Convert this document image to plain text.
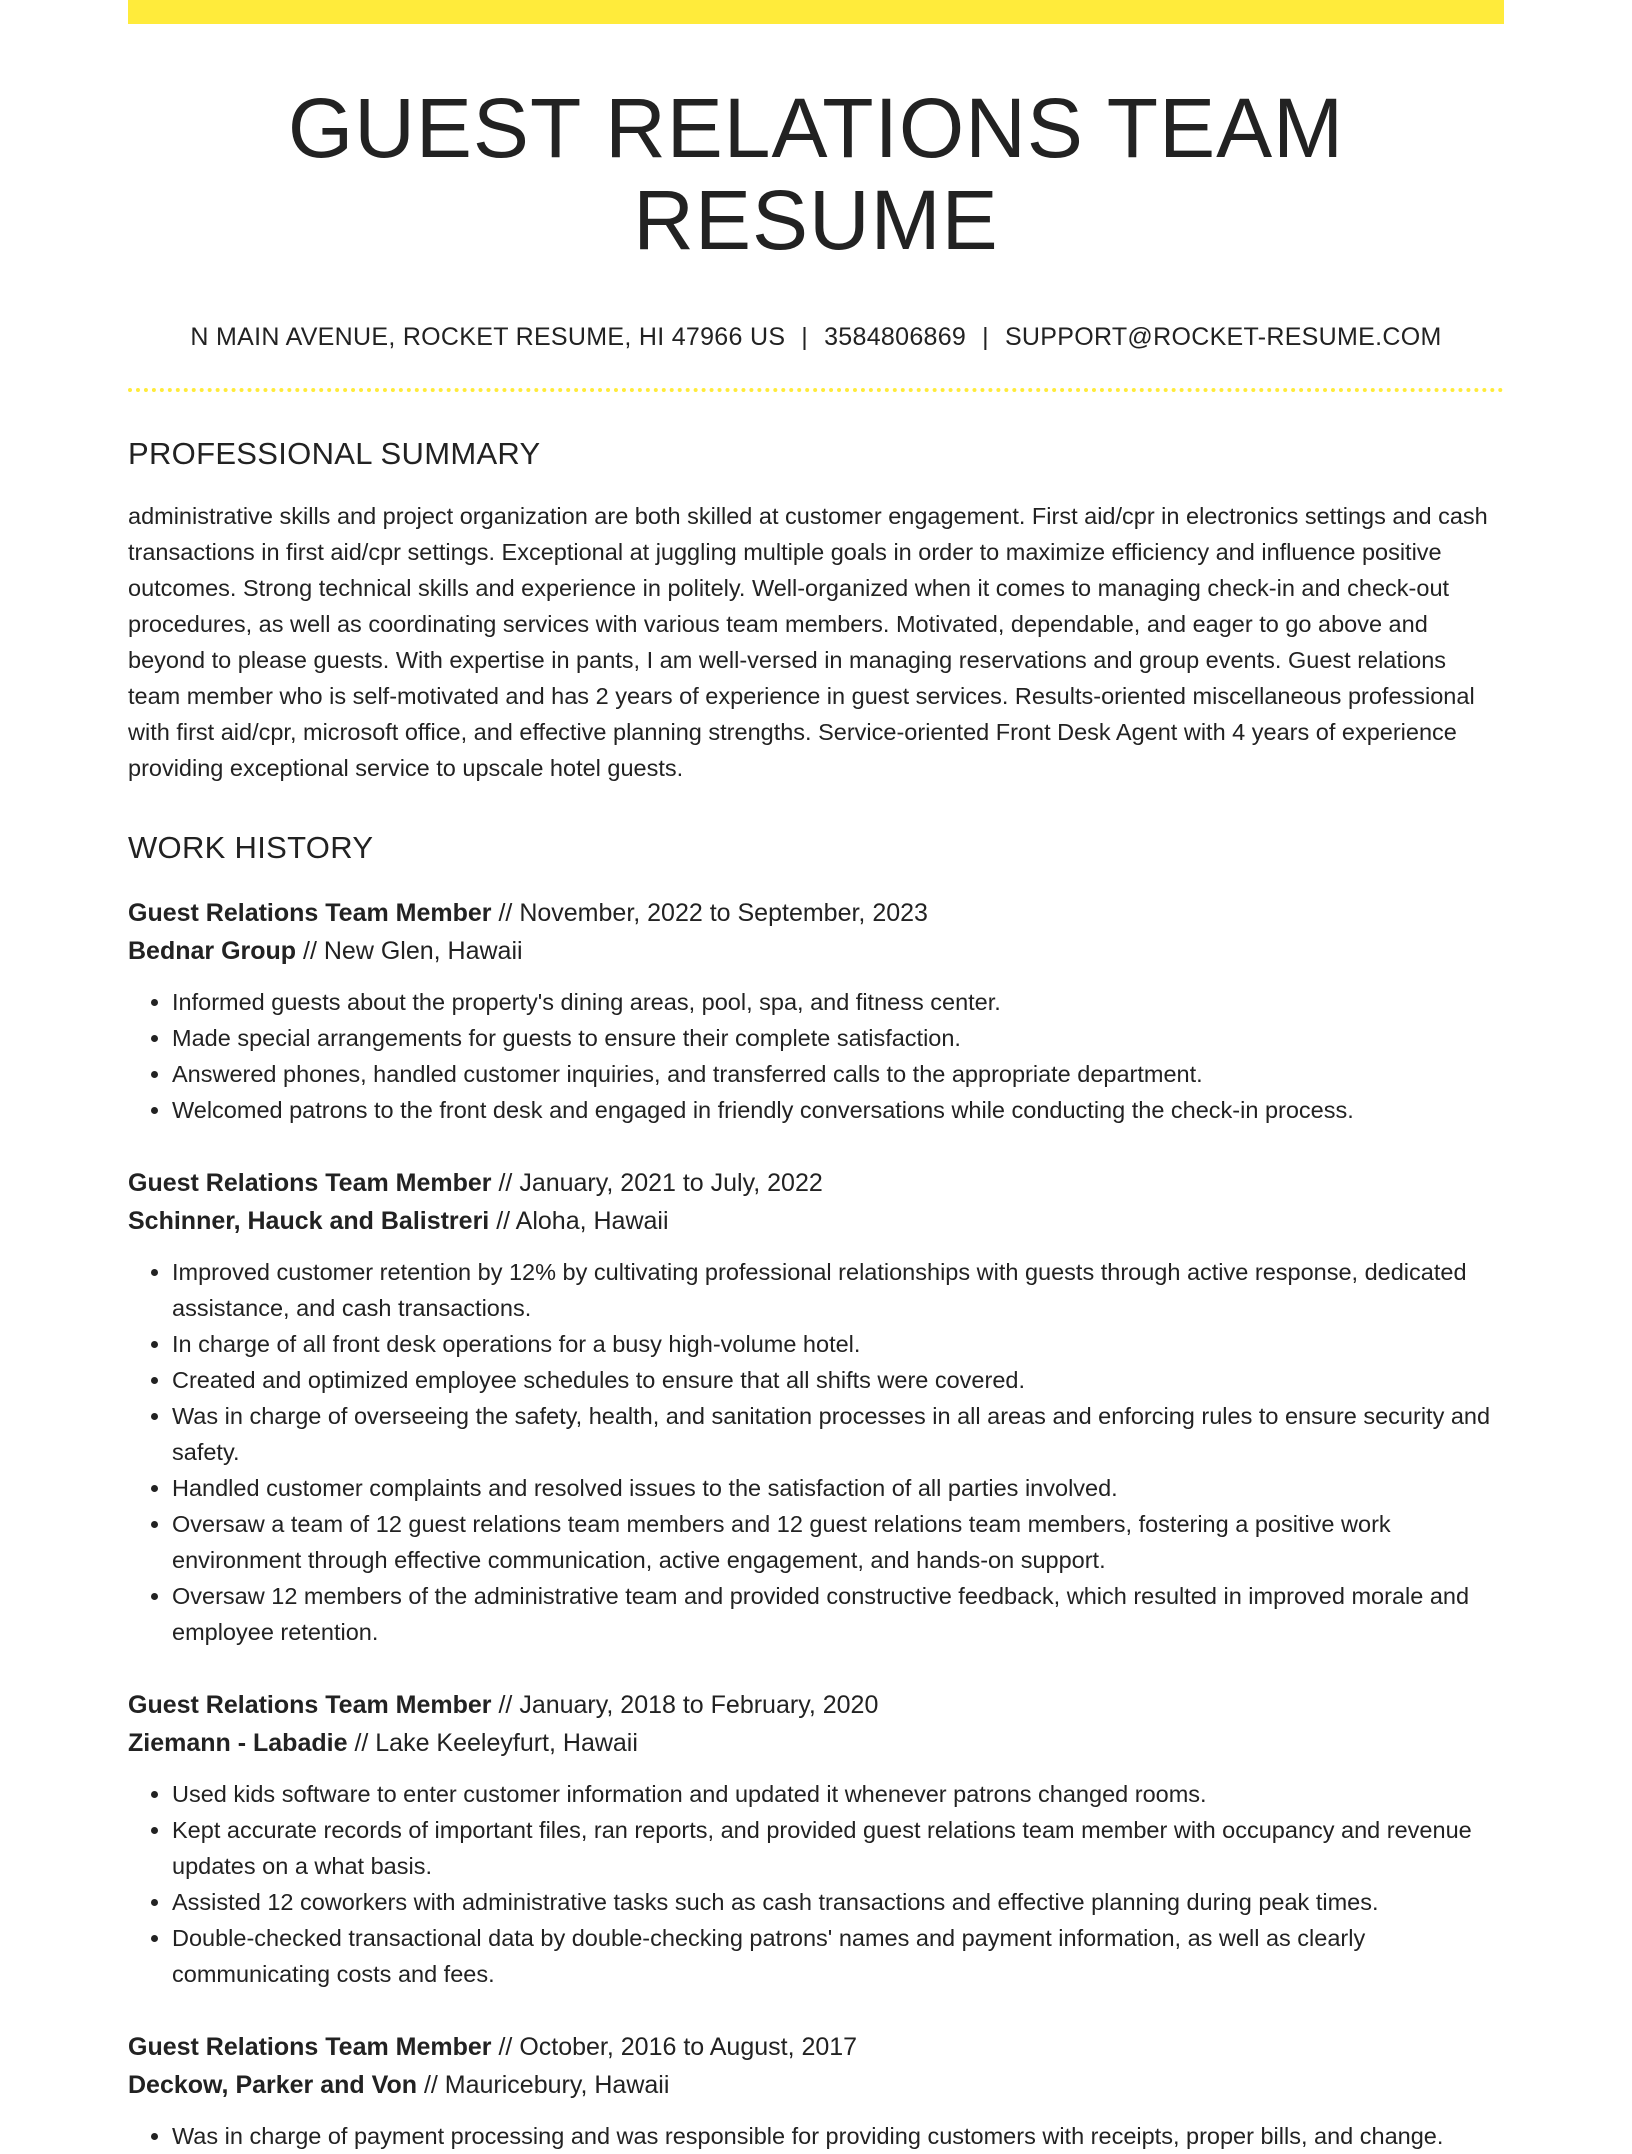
GUEST RELATIONS TEAM RESUME
N MAIN AVENUE, ROCKET RESUME, HI 47966 US | 3584806869 | SUPPORT@ROCKET-RESUME.COM
PROFESSIONAL SUMMARY
administrative skills and project organization are both skilled at customer engagement. First aid/cpr in electronics settings and cash transactions in first aid/cpr settings. Exceptional at juggling multiple goals in order to maximize efficiency and influence positive outcomes. Strong technical skills and experience in politely. Well-organized when it comes to managing check-in and check-out procedures, as well as coordinating services with various team members. Motivated, dependable, and eager to go above and beyond to please guests. With expertise in pants, I am well-versed in managing reservations and group events. Guest relations team member who is self-motivated and has 2 years of experience in guest services. Results-oriented miscellaneous professional with first aid/cpr, microsoft office, and effective planning strengths. Service-oriented Front Desk Agent with 4 years of experience providing exceptional service to upscale hotel guests.
WORK HISTORY
Guest Relations Team Member // November, 2022 to September, 2023
Bednar Group // New Glen, Hawaii
• Informed guests about the property's dining areas, pool, spa, and fitness center.
• Made special arrangements for guests to ensure their complete satisfaction.
• Answered phones, handled customer inquiries, and transferred calls to the appropriate department.
• Welcomed patrons to the front desk and engaged in friendly conversations while conducting the check-in process.
Guest Relations Team Member // January, 2021 to July, 2022
Schinner, Hauck and Balistreri // Aloha, Hawaii
• Improved customer retention by 12% by cultivating professional relationships with guests through active response, dedicated assistance, and cash transactions.
• In charge of all front desk operations for a busy high-volume hotel.
• Created and optimized employee schedules to ensure that all shifts were covered.
• Was in charge of overseeing the safety, health, and sanitation processes in all areas and enforcing rules to ensure security and safety.
• Handled customer complaints and resolved issues to the satisfaction of all parties involved.
• Oversaw a team of 12 guest relations team members and 12 guest relations team members, fostering a positive work environment through effective communication, active engagement, and hands-on support.
• Oversaw 12 members of the administrative team and provided constructive feedback, which resulted in improved morale and employee retention.
Guest Relations Team Member // January, 2018 to February, 2020
Ziemann - Labadie // Lake Keeleyfurt, Hawaii
• Used kids software to enter customer information and updated it whenever patrons changed rooms.
• Kept accurate records of important files, ran reports, and provided guest relations team member with occupancy and revenue updates on a what basis.
• Assisted 12 coworkers with administrative tasks such as cash transactions and effective planning during peak times.
• Double-checked transactional data by double-checking patrons' names and payment information, as well as clearly communicating costs and fees.
Guest Relations Team Member // October, 2016 to August, 2017
Deckow, Parker and Von // Mauricebury, Hawaii
• Was in charge of payment processing and was responsible for providing customers with receipts, proper bills, and change.
